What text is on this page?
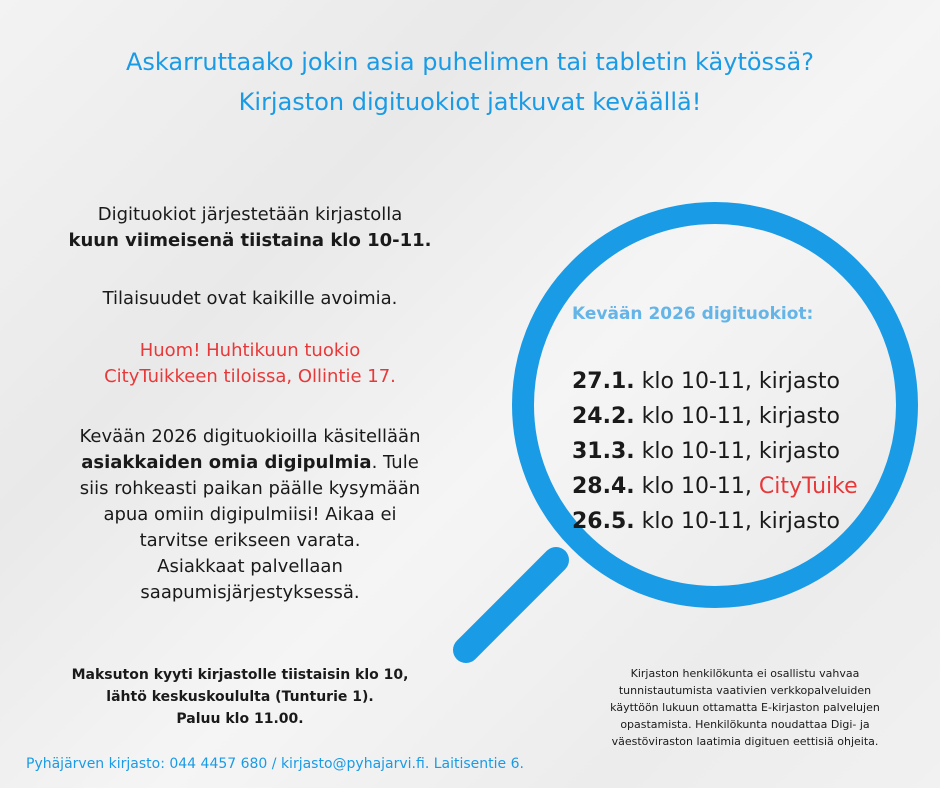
Askarruttaako jokin asia puhelimen tai tabletin käytössä?
Kirjaston digituokiot jatkuvat keväällä!
Digituokiot järjestetään kirjastolla
kuun viimeisenä tiistaina klo 10-11.
Tilaisuudet ovat kaikille avoimia.
Huom! Huhtikuun tuokio
CityTuikkeen tiloissa, Ollintie 17.
Kevään 2026 digituokioilla käsitellään
asiakkaiden omia digipulmia. Tule
siis rohkeasti paikan päälle kysymään
apua omiin digipulmiisi! Aikaa ei
tarvitse erikseen varata.
Asiakkaat palvellaan
saapumisjärjestyksessä.
Maksuton kyyti kirjastolle tiistaisin klo 10,
lähtö keskuskoululta (Tunturie 1).
Paluu klo 11.00.
Kevään 2026 digituokiot:
27.1. klo 10-11, kirjasto
24.2. klo 10-11, kirjasto
31.3. klo 10-11, kirjasto
28.4. klo 10-11, CityTuike
26.5. klo 10-11, kirjasto
Kirjaston henkilökunta ei osallistu vahvaa
tunnistautumista vaativien verkkopalveluiden
käyttöön lukuun ottamatta E-kirjaston palvelujen
opastamista. Henkilökunta noudattaa Digi- ja
väestöviraston laatimia digituen eettisiä ohjeita.
Pyhäjärven kirjasto: 044 4457 680 / kirjasto@pyhajarvi.fi. Laitisentie 6.
